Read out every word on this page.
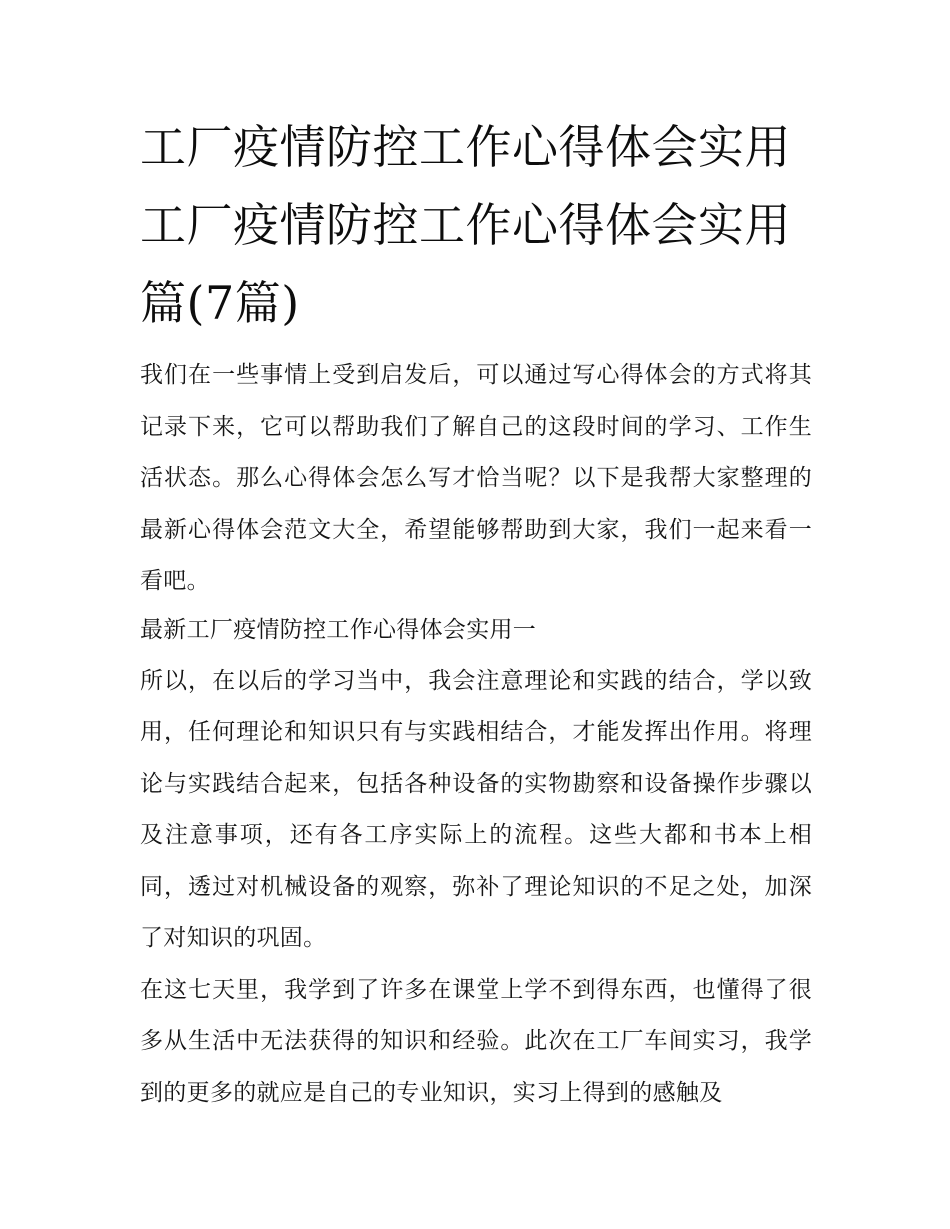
工厂疫情防控工作心得体会实用 工厂疫情防控工作心得体会实用篇(7篇)

我们在一些事情上受到启发后，可以通过写心得体会的方式将其记录下来，它可以帮助我们了解自己的这段时间的学习、工作生活状态。那么心得体会怎么写才恰当呢？以下是我帮大家整理的最新心得体会范文大全，希望能够帮助到大家，我们一起来看一看吧。

最新工厂疫情防控工作心得体会实用一

所以，在以后的学习当中，我会注意理论和实践的结合，学以致用，任何理论和知识只有与实践相结合，才能发挥出作用。将理论与实践结合起来，包括各种设备的实物勘察和设备操作步骤以及注意事项，还有各工序实际上的流程。这些大都和书本上相同，透过对机械设备的观察，弥补了理论知识的不足之处，加深了对知识的巩固。

在这七天里，我学到了许多在课堂上学不到得东西，也懂得了很多从生活中无法获得的知识和经验。此次在工厂车间实习，我学到的更多的就应是自己的专业知识，实习上得到的感触及
